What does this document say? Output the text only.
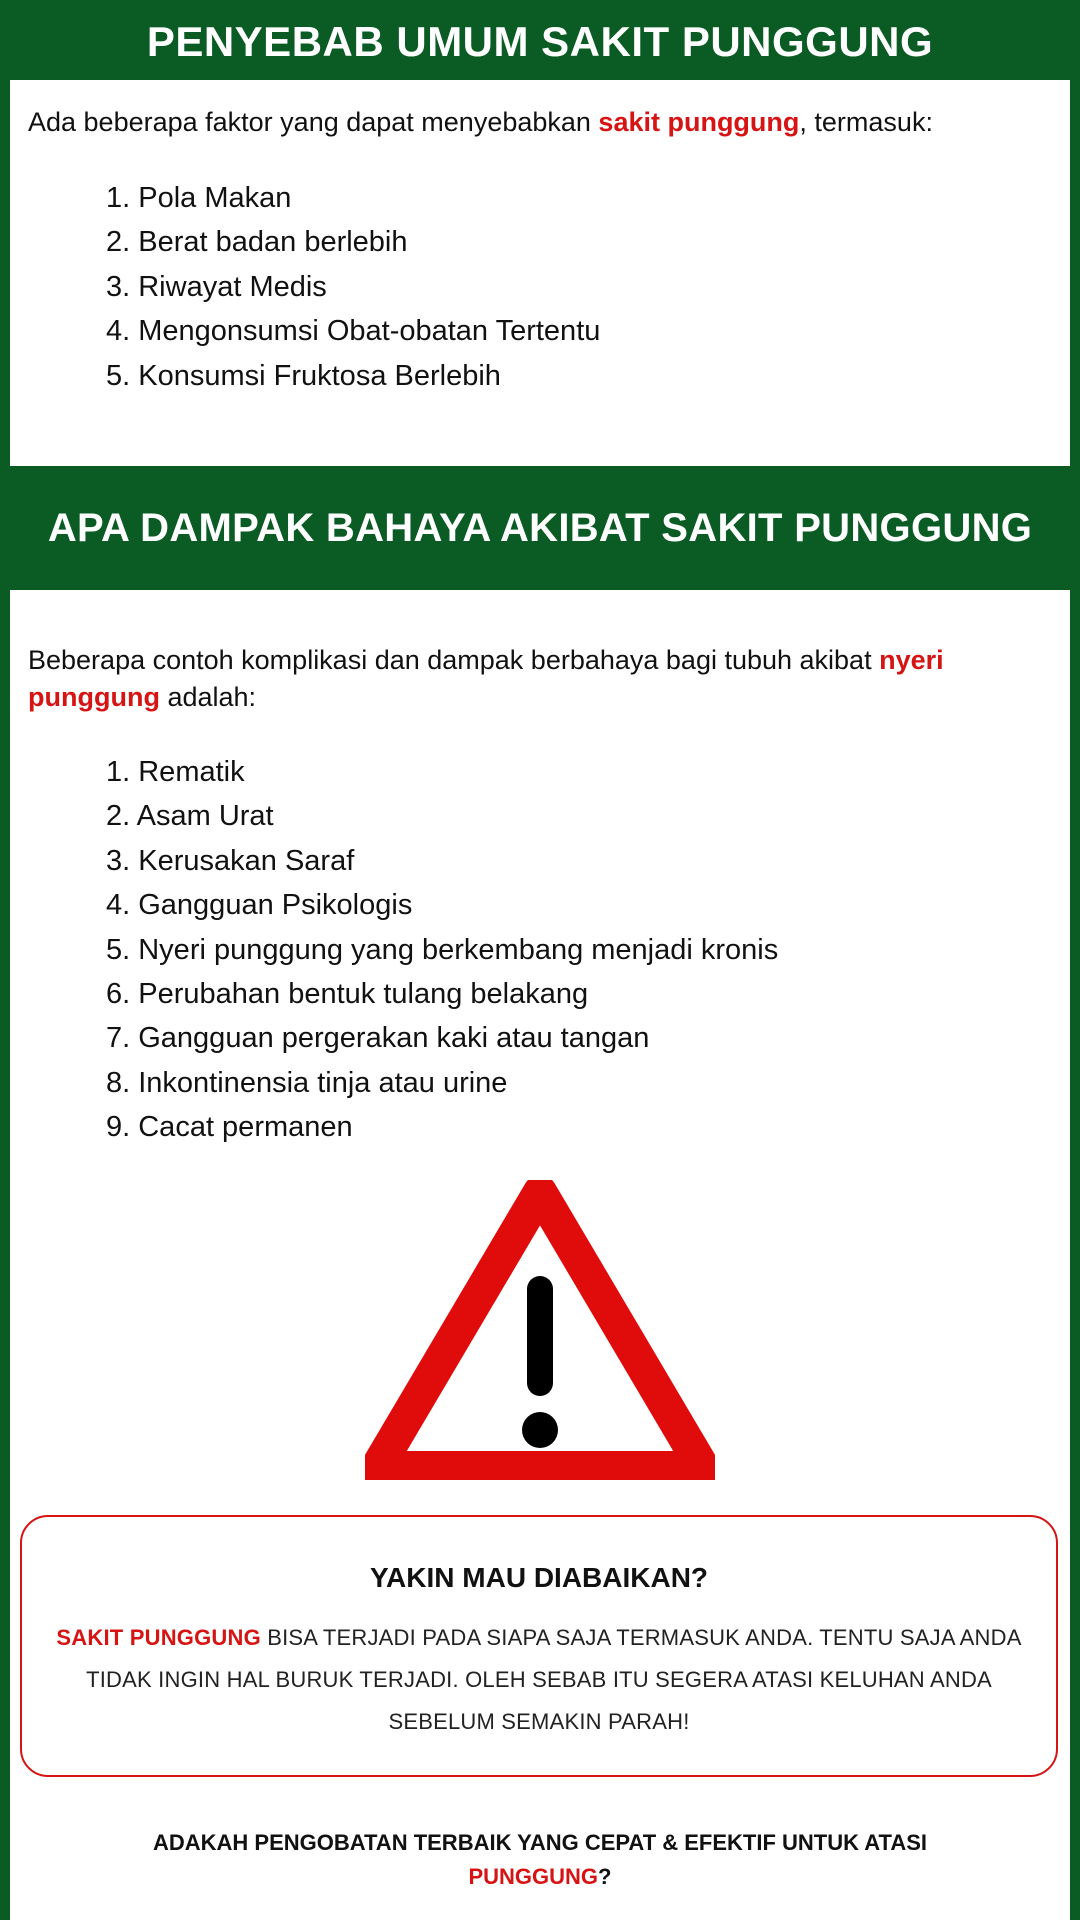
PENYEBAB UMUM SAKIT PUNGGUNG
Ada beberapa faktor yang dapat menyebabkan sakit punggung, termasuk:
1. Pola Makan
2. Berat badan berlebih
3. Riwayat Medis
4. Mengonsumsi Obat-obatan Tertentu
5. Konsumsi Fruktosa Berlebih
APA DAMPAK BAHAYA AKIBAT SAKIT PUNGGUNG
Beberapa contoh komplikasi dan dampak berbahaya bagi tubuh akibat nyeri punggung adalah:
1. Rematik
2. Asam Urat
3. Kerusakan Saraf
4. Gangguan Psikologis
5. Nyeri punggung yang berkembang menjadi kronis
6. Perubahan bentuk tulang belakang
7. Gangguan pergerakan kaki atau tangan
8. Inkontinensia tinja atau urine
9. Cacat permanen
YAKIN MAU DIABAIKAN?
SAKIT PUNGGUNG BISA TERJADI PADA SIAPA SAJA TERMASUK ANDA. TENTU SAJA ANDA TIDAK INGIN HAL BURUK TERJADI. OLEH SEBAB ITU SEGERA ATASI KELUHAN ANDA SEBELUM SEMAKIN PARAH!
ADAKAH PENGOBATAN TERBAIK YANG CEPAT & EFEKTIF UNTUK ATASI PUNGGUNG?
